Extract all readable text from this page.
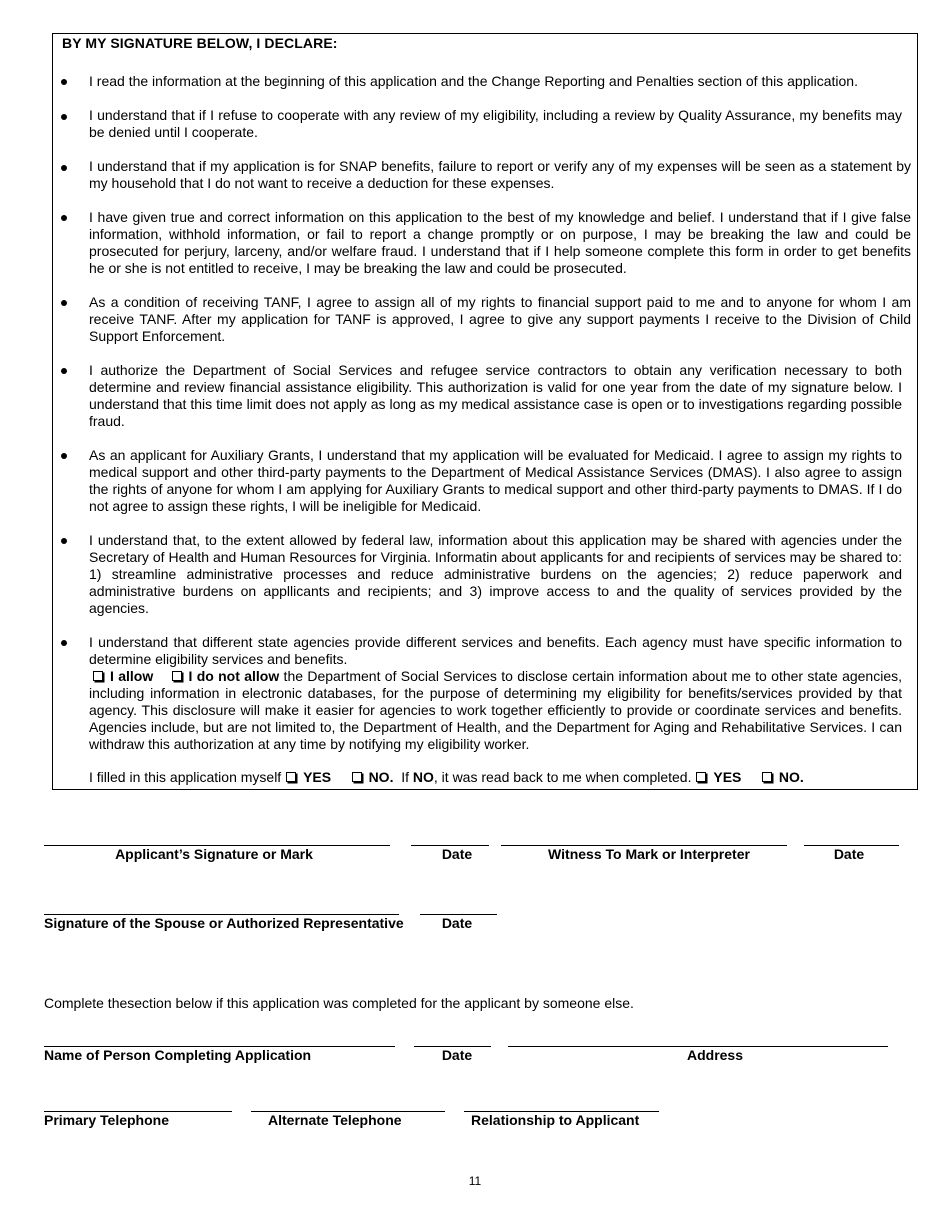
BY MY SIGNATURE BELOW, I DECLARE:
I read the information at the beginning of this application and the Change Reporting and Penalties section of this application.
I understand that if I refuse to cooperate with any review of my eligibility, including a review by Quality Assurance, my benefits may be denied until I cooperate.
I understand that if my application is for SNAP benefits, failure to report or verify any of my expenses will be seen as a statement by my household that I do not want to receive a deduction for these expenses.
I have given true and correct information on this application to the best of my knowledge and belief. I understand that if I give false information, withhold information, or fail to report a change promptly or on purpose, I may be breaking the law and could be prosecuted for perjury, larceny, and/or welfare fraud. I understand that if I help someone complete this form in order to get benefits he or she is not entitled to receive, I may be breaking the law and could be prosecuted.
As a condition of receiving TANF, I agree to assign all of my rights to financial support paid to me and to anyone for whom I am receive TANF. After my application for TANF is approved, I agree to give any support payments I receive to the Division of Child Support Enforcement.
I authorize the Department of Social Services and refugee service contractors to obtain any verification necessary to both determine and review financial assistance eligibility. This authorization is valid for one year from the date of my signature below. I understand that this time limit does not apply as long as my medical assistance case is open or to investigations regarding possible fraud.
As an applicant for Auxiliary Grants, I understand that my application will be evaluated for Medicaid. I agree to assign my rights to medical support and other third-party payments to the Department of Medical Assistance Services (DMAS). I also agree to assign the rights of anyone for whom I am applying for Auxiliary Grants to medical support and other third-party payments to DMAS. If I do not agree to assign these rights, I will be ineligible for Medicaid.
I understand that, to the extent allowed by federal law, information about this application may be shared with agencies under the Secretary of Health and Human Resources for Virginia. Informatin about applicants for and recipients of services may be shared to: 1) streamline administrative processes and reduce administrative burdens on the agencies; 2) reduce paperwork and administrative burdens on appllicants and recipients; and 3) improve access to and the quality of services provided by the agencies.
I understand that different state agencies provide different services and benefits. Each agency must have specific information to determine eligibility services and benefits.
I allow	I do not allow the Department of Social Services to disclose certain information about me to other state agencies, including information in electronic databases, for the purpose of determining my eligibility for benefits/services provided by that agency. This disclosure will make it easier for agencies to work together efficiently to provide or coordinate services and benefits. Agencies include, but are not limited to, the Department of Health, and the Department for Aging and Rehabilitative Services. I can withdraw this authorization at any time by notifying my eligibility worker.
I filled in this application myself YES	NO. If NO, it was read back to me when completed. YES	NO.
Applicant’s Signature or Mark	Date	Witness To Mark or Interpreter	Date
Signature of the Spouse or Authorized Representative	Date
Complete thesection below if this application was completed for the applicant by someone else.
Name of Person Completing Application	Date	Address
Primary Telephone	Alternate Telephone	Relationship to Applicant
11
